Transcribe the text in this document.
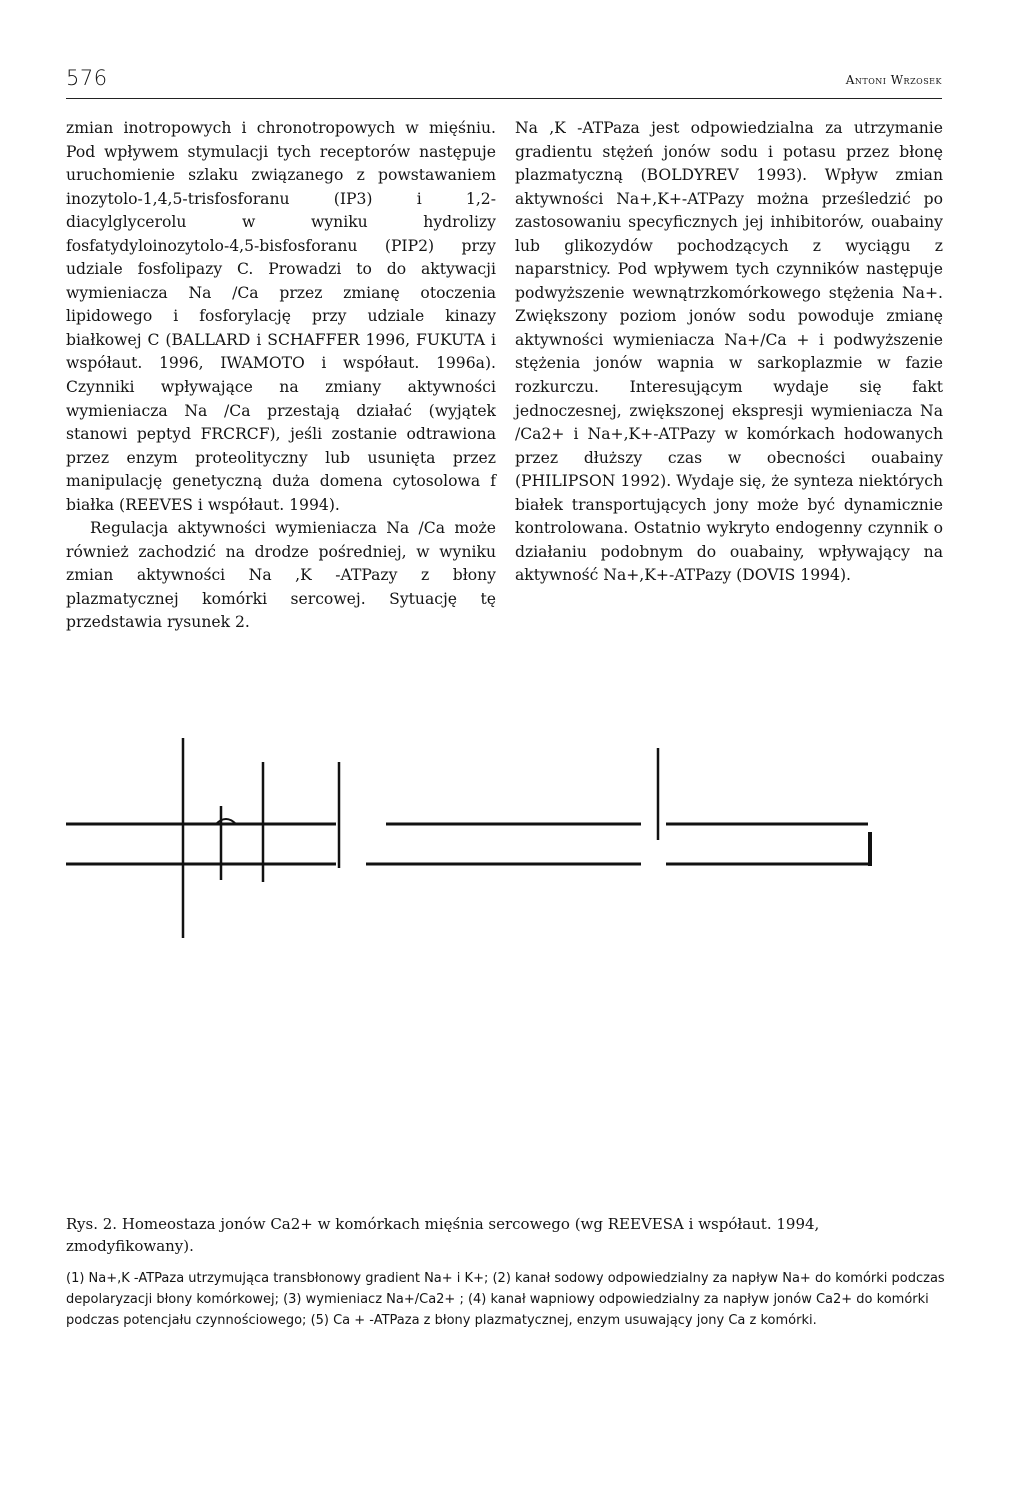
576	Antoni Wrzosek

zmian inotropowych i chronotropowych w mięśniu. Pod wpływem stymulacji tych receptorów następuje uruchomienie szlaku związanego z powstawaniem inozytolo-1,4,5-trisfosforanu (IP3) i 1,2-diacylglycerolu w wyniku hydrolizy fosfatydyloinozytolo-4,5-bisfosforanu (PIP2) przy udziale fosfolipazy C. Prowadzi to do aktywacji wymieniacza Na /Ca przez zmianę otoczenia lipidowego i fosforylację przy udziale kinazy białkowej C (BALLARD i SCHAFFER 1996, FUKUTA i współaut. 1996, IWAMOTO i współaut. 1996a). Czynniki wpływające na zmiany aktywności wymieniacza Na /Ca przestają działać (wyjątek stanowi peptyd FRCRCF), jeśli zostanie odtrawiona przez enzym proteolityczny lub usunięta przez manipulację genetyczną duża domena cytosolowa f białka (REEVES i współaut. 1994).

Regulacja aktywności wymieniacza Na /Ca może również zachodzić na drodze pośredniej, w wyniku zmian aktywności Na ,K -ATPazy z błony plazmatycznej komórki sercowej. Sytuację tę przedstawia rysunek 2.

Na ,K -ATPaza jest odpowiedzialna za utrzymanie gradientu stężeń jonów sodu i potasu przez błonę plazmatyczną (BOLDYREV 1993). Wpływ zmian aktywności Na+,K+-ATPazy można prześledzić po zastosowaniu specyficznych jej inhibitorów, ouabainy lub glikozydów pochodzących z wyciągu z naparstnicy. Pod wpływem tych czynników następuje podwyższenie wewnątrzkomórkowego stężenia Na+. Zwiększony poziom jonów sodu powoduje zmianę aktywności wymieniacza Na+/Ca + i podwyższenie stężenia jonów wapnia w sarkoplazmie w fazie rozkurczu. Interesującym wydaje się fakt jednoczesnej, zwiększonej ekspresji wymieniacza Na /Ca2+ i Na+,K+-ATPazy w komórkach hodowanych przez dłuższy czas w obecności ouabainy (PHILIPSON 1992). Wydaje się, że synteza niektórych białek transportujących jony może być dynamicznie kontrolowana. Ostatnio wykryto endogenny czynnik o działaniu podobnym do ouabainy, wpływający na aktywność Na+,K+-ATPazy (DOVIS 1994).

Rys. 2. Homeostaza jonów Ca2+ w komórkach mięśnia sercowego (wg REEVESA i współaut. 1994, zmodyfikowany).

(1) Na+,K -ATPaza utrzymująca transbłonowy gradient Na+ i K+; (2) kanał sodowy odpowiedzialny za napływ Na+ do komórki podczas depolaryzacji błony komórkowej; (3) wymieniacz Na+/Ca2+ ; (4) kanał wapniowy odpowiedzialny za napływ jonów Ca2+ do komórki podczas potencjału czynnościowego; (5) Ca + -ATPaza z błony plazmatycznej, enzym usuwający jony Ca z komórki.
